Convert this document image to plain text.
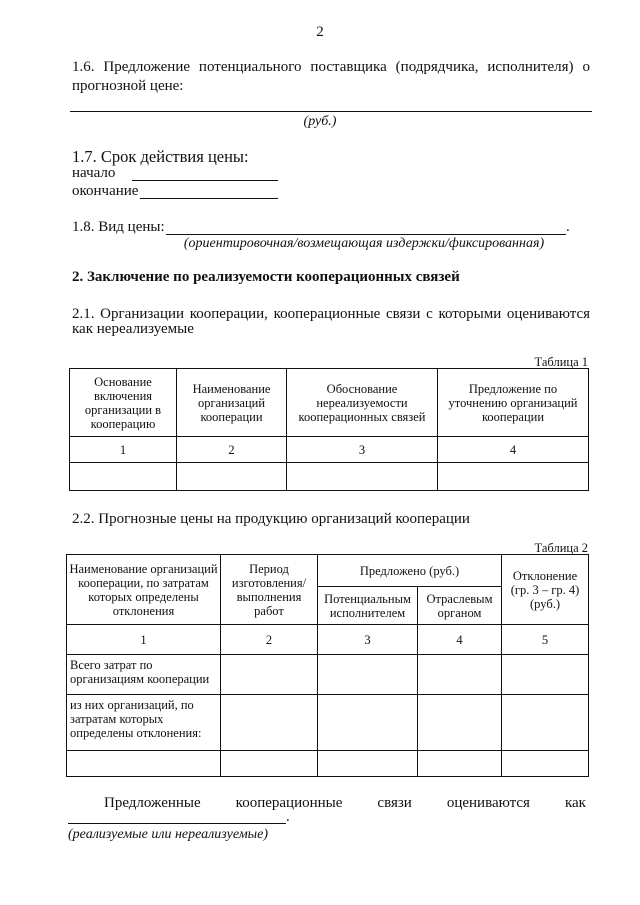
2
1.6. Предложение потенциального поставщика (подрядчика, исполнителя) о
прогнозной цене:
(руб.)
1.7. Срок действия цены:
начало
окончание
1.8. Вид цены:	.
(ориентировочная/возмещающая издержки/фиксированная)
2. Заключение по реализуемости кооперационных связей
2.1. Организации кооперации, кооперационные связи с которыми оцениваются
как нереализуемые
Таблица 1
Основание включения организации в кооперацию	Наименование организаций кооперации	Обоснование нереализуемости кооперационных связей	Предложение по уточнению организаций кооперации
1	2	3	4

2.2. Прогнозные цены на продукцию организаций кооперации
Таблица 2
Наименование организаций кооперации, по затратам которых определены отклонения	Период изготовления/ выполнения работ	Предложено (руб.)		Отклонение (гр. 3 – гр. 4) (руб.)
		Потенциальным исполнителем	Отраслевым органом	
1	2	3	4	5
Всего затрат по организациям кооперации				
из них организаций, по затратам которых определены отклонения:				

Предложенные кооперационные связи оцениваются как
.
(реализуемые или нереализуемые)
